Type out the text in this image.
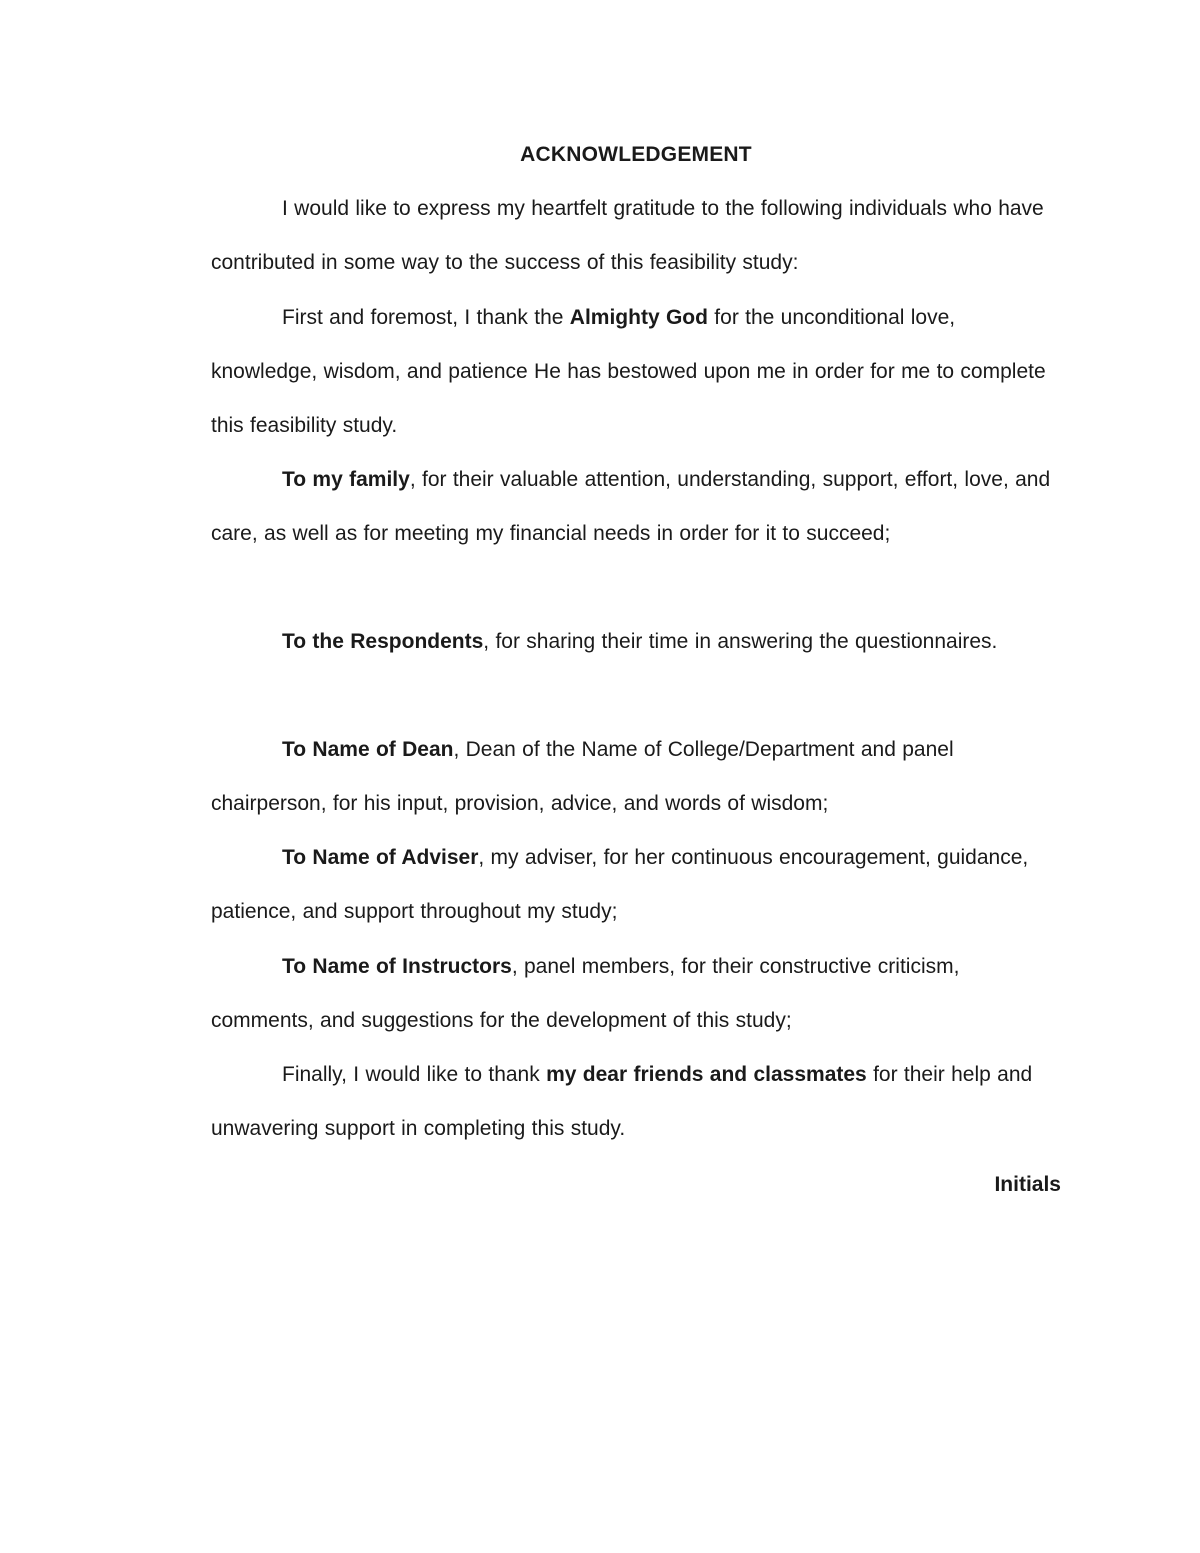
ACKNOWLEDGEMENT

I would like to express my heartfelt gratitude to the following individuals who have contributed in some way to the success of this feasibility study:

First and foremost, I thank the Almighty God for the unconditional love, knowledge, wisdom, and patience He has bestowed upon me in order for me to complete this feasibility study.

To my family, for their valuable attention, understanding, support, effort, love, and care, as well as for meeting my financial needs in order for it to succeed;

To the Respondents, for sharing their time in answering the questionnaires.

To Name of Dean, Dean of the Name of College/Department and panel chairperson, for his input, provision, advice, and words of wisdom;

To Name of Adviser, my adviser, for her continuous encouragement, guidance, patience, and support throughout my study;

To Name of Instructors, panel members, for their constructive criticism, comments, and suggestions for the development of this study;

Finally, I would like to thank my dear friends and classmates for their help and unwavering support in completing this study.

Initials
